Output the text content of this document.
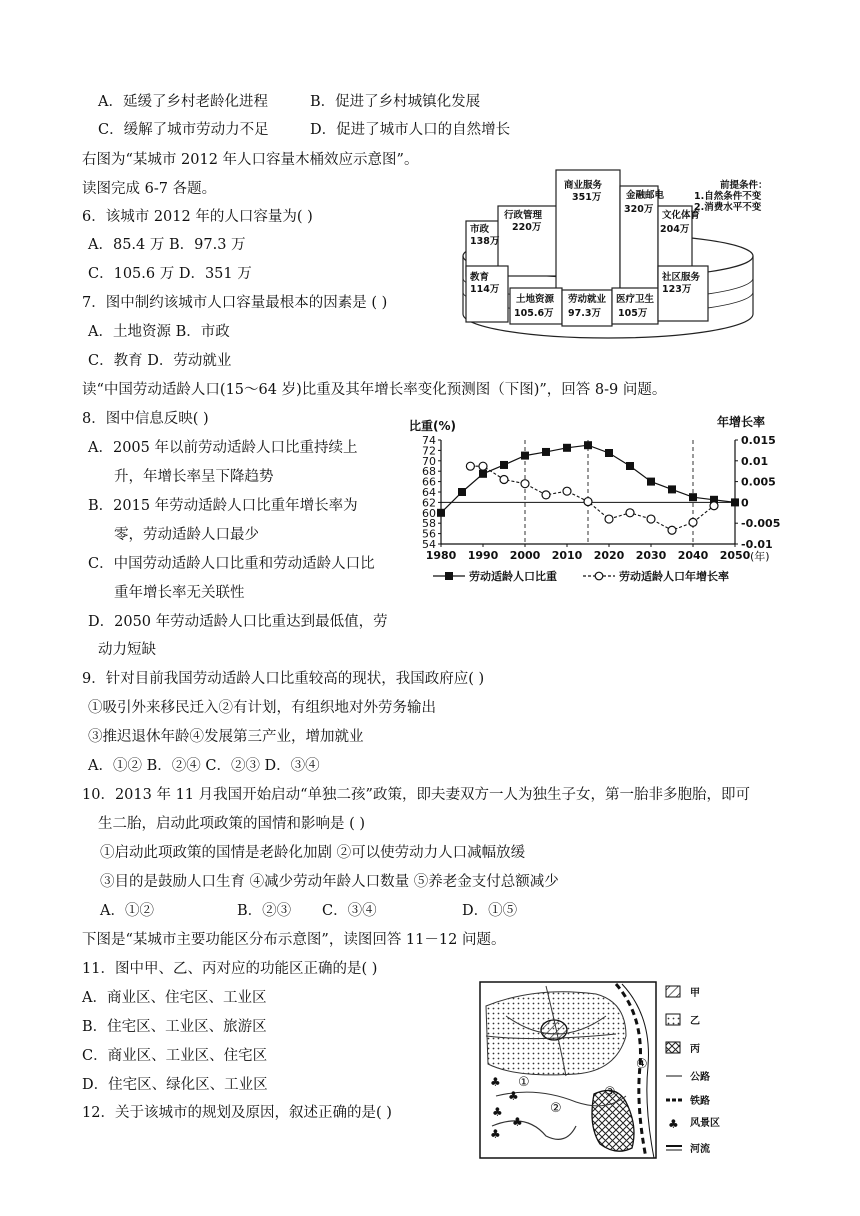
A．延缓了乡村老龄化进程	B．促进了乡村城镇化发展
C．缓解了城市劳动力不足	D．促进了城市人口的自然增长
右图为“某城市 2012 年人口容量木桶效应示意图”。
读图完成 6-7 各题。
6．该城市 2012 年的人口容量为( )
A．85.4 万 B．97.3 万
C．105.6 万 D．351 万
7．图中制约该城市人口容量最根本的因素是 ( )
A．土地资源 B．市政
C．教育 D．劳动就业
市政
138万
行政管理
220万
商业服务
351万	金融邮电
320万
文化体育
204万
教育
114万
土地资源
105.6万
劳动就业
97.3万
医疗卫生
105万
社区服务
123万
前提条件：
1.自然条件不变
2.消费水平不变
读“中国劳动适龄人口(15～64 岁)比重及其年增长率变化预测图（下图)”，回答 8-9 问题。
8．图中信息反映( )
A．2005 年以前劳动适龄人口比重持续上
升，年增长率呈下降趋势
B．2015 年劳动适龄人口比重年增长率为
零，劳动适龄人口最少
C．中国劳动适龄人口比重和劳动适龄人口比
重年增长率无关联性
D．2050 年劳动适龄人口比重达到最低值，劳
动力短缺
比重(%)	年增长率
(年)
54
56
58
60
62
64
66
68
70
72
74	0.015
0.01
0.005
0
-0.005
-0.01
1980 1990 2000 2010 2020 2030 2040 2050
劳动适龄人口比重	劳动适龄人口年增长率
9．针对目前我国劳动适龄人口比重较高的现状，我国政府应( )
①吸引外来移民迁入②有计划，有组织地对外劳务输出
③推迟退休年龄④发展第三产业，增加就业
A．①② B．②④ C．②③ D．③④
10．2013 年 11 月我国开始启动“单独二孩”政策，即夫妻双方一人为独生子女，第一胎非多胞胎，即可
生二胎，启动此项政策的国情和影响是 ( )
①启动此项政策的国情是老龄化加剧 ②可以使劳动力人口减幅放缓
③目的是鼓励人口生育 ④减少劳动年龄人口数量 ⑤养老金支付总额减少
A．①②	B．②③ C．③④	D．①⑤
下图是“某城市主要功能区分布示意图”，读图回答 11－12 问题。
11．图中甲、乙、丙对应的功能区正确的是( )
A．商业区、住宅区、工业区
B．住宅区、工业区、旅游区
C．商业区、工业区、住宅区
D．住宅区、绿化区、工业区
12．关于该城市的规划及原因，叙述正确的是( )
♣
♣
♣
♣
♣
①
②
③
④
甲
乙
丙
公路
铁路
♣ 风景区
河流
